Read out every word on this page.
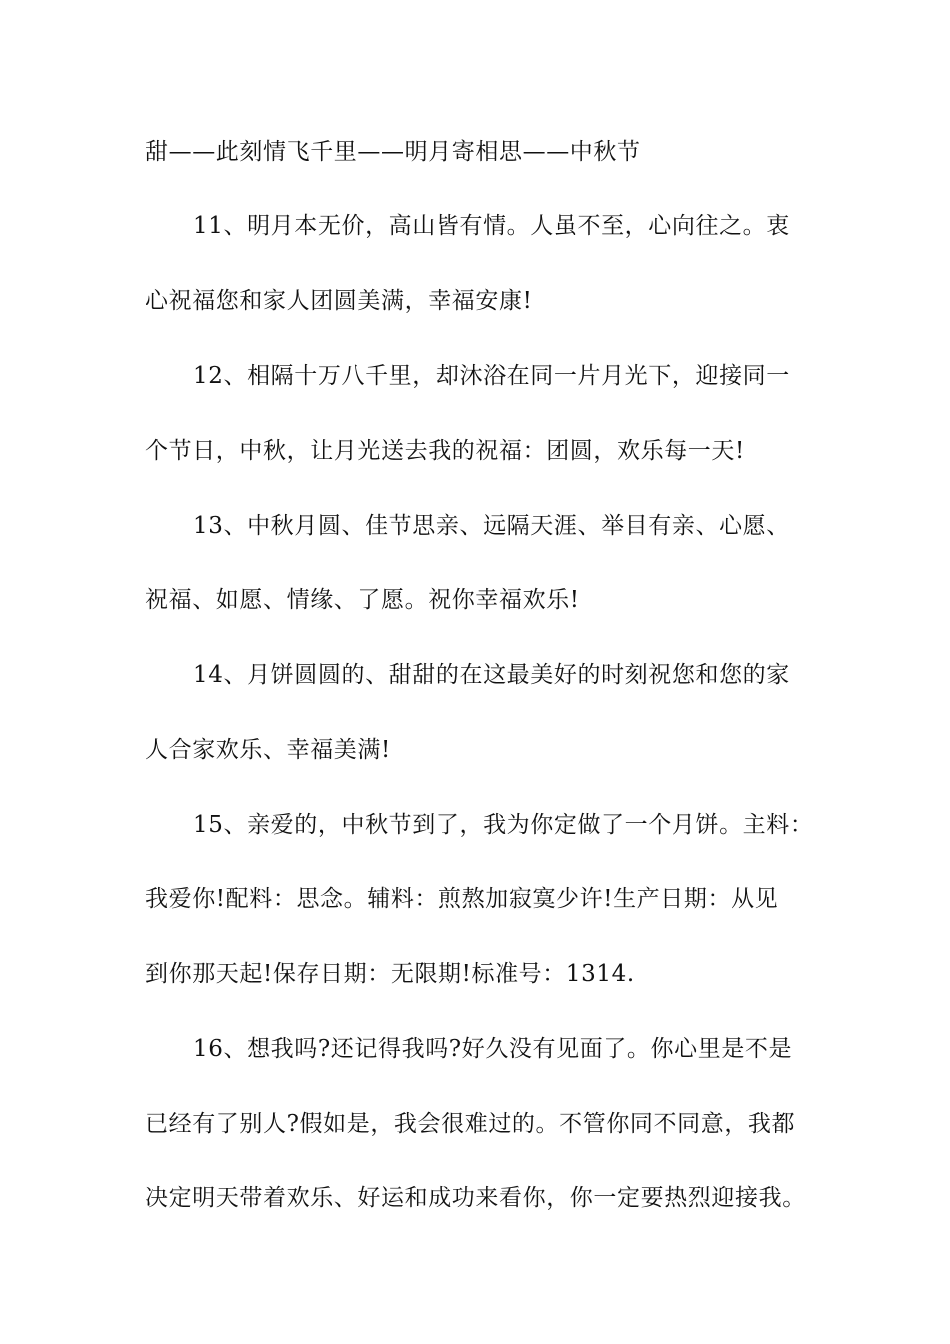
甜——此刻情飞千里——明月寄相思——中秋节
11、明月本无价，高山皆有情。人虽不至，心向往之。衷
心祝福您和家人团圆美满，幸福安康!
12、相隔十万八千里，却沐浴在同一片月光下，迎接同一
个节日，中秋，让月光送去我的祝福：团圆，欢乐每一天!
13、中秋月圆、佳节思亲、远隔天涯、举目有亲、心愿、
祝福、如愿、情缘、了愿。祝你幸福欢乐!
14、月饼圆圆的、甜甜的在这最美好的时刻祝您和您的家
人合家欢乐、幸福美满!
15、亲爱的，中秋节到了，我为你定做了一个月饼。主料：
我爱你!配料：思念。辅料：煎熬加寂寞少许!生产日期：从见
到你那天起!保存日期：无限期!标准号：1314.
16、想我吗?还记得我吗?好久没有见面了。你心里是不是
已经有了别人?假如是，我会很难过的。不管你同不同意，我都
决定明天带着欢乐、好运和成功来看你，你一定要热烈迎接我。
